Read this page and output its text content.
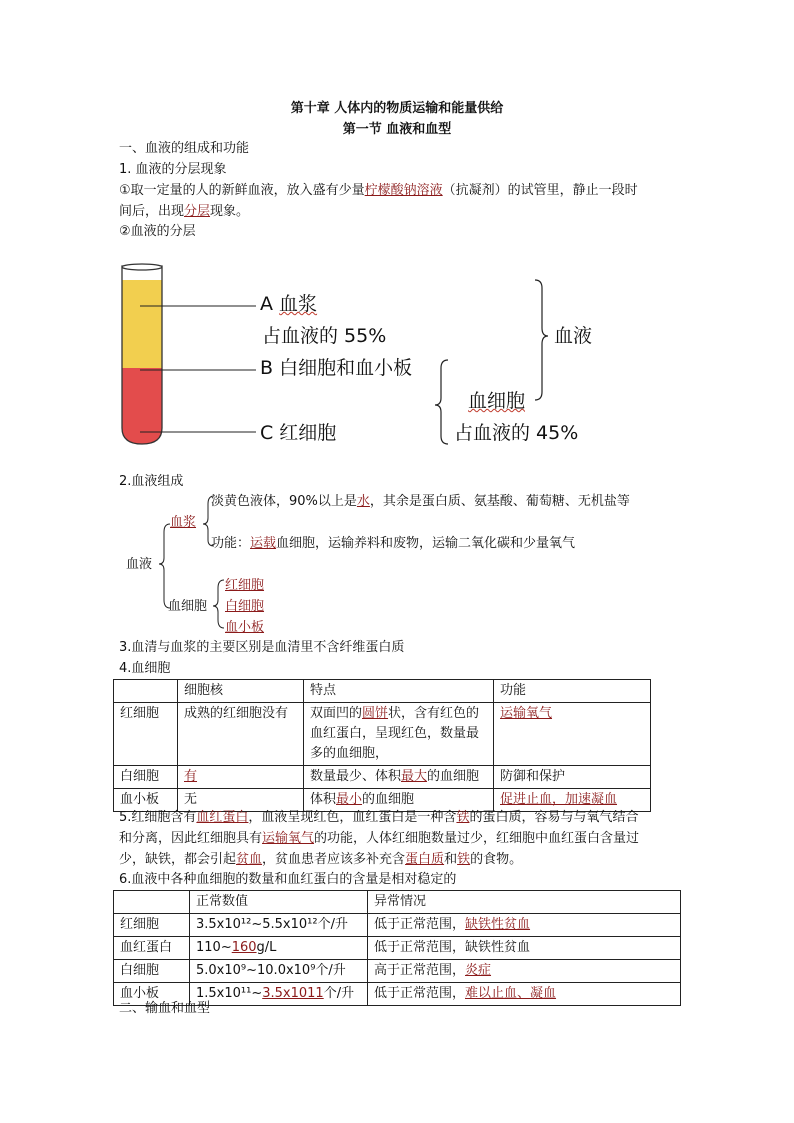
第十章 人体内的物质运输和能量供给
第一节 血液和血型
一、血液的组成和功能
1. 血液的分层现象
①取一定量的人的新鲜血液，放入盛有少量柠檬酸钠溶液（抗凝剂）的试管里，静止一段时
间后，出现分层现象。
②血液的分层
A 血浆
占血液的 55%
B 白细胞和血小板
C 红细胞
血液
血细胞
占血液的 45%
2.血液组成
血液
血浆
淡黄色液体，90%以上是水，其余是蛋白质、氨基酸、葡萄糖、无机盐等
功能：运载血细胞，运输养料和废物，运输二氧化碳和少量氧气
血细胞
红细胞
白细胞
血小板
3.血清与血浆的主要区别是血清里不含纤维蛋白质
4.血细胞
	细胞核	特点	功能
红细胞	成熟的红细胞没有	双面凹的圆饼状，含有红色的血红蛋白，呈现红色，数量最多的血细胞，	运输氧气
白细胞	有	数量最少、体积最大的血细胞	防御和保护
血小板	无	体积最小的血细胞	促进止血，加速凝血
5.红细胞含有血红蛋白，血液呈现红色，血红蛋白是一种含铁的蛋白质，容易与与氧气结合
和分离，因此红细胞具有运输氧气的功能，人体红细胞数量过少，红细胞中血红蛋白含量过
少，缺铁，都会引起贫血，贫血患者应该多补充含蛋白质和铁的食物。
6.血液中各种血细胞的数量和血红蛋白的含量是相对稳定的
	正常数值	异常情况
红细胞	3.5x10¹²~5.5x10¹²个/升	低于正常范围，缺铁性贫血
血红蛋白	110~160g/L	低于正常范围，缺铁性贫血
白细胞	5.0x10⁹~10.0x10⁹个/升	高于正常范围，炎症
血小板	1.5x10¹¹~3.5x1011个/升	低于正常范围，难以止血、凝血
二、输血和血型
